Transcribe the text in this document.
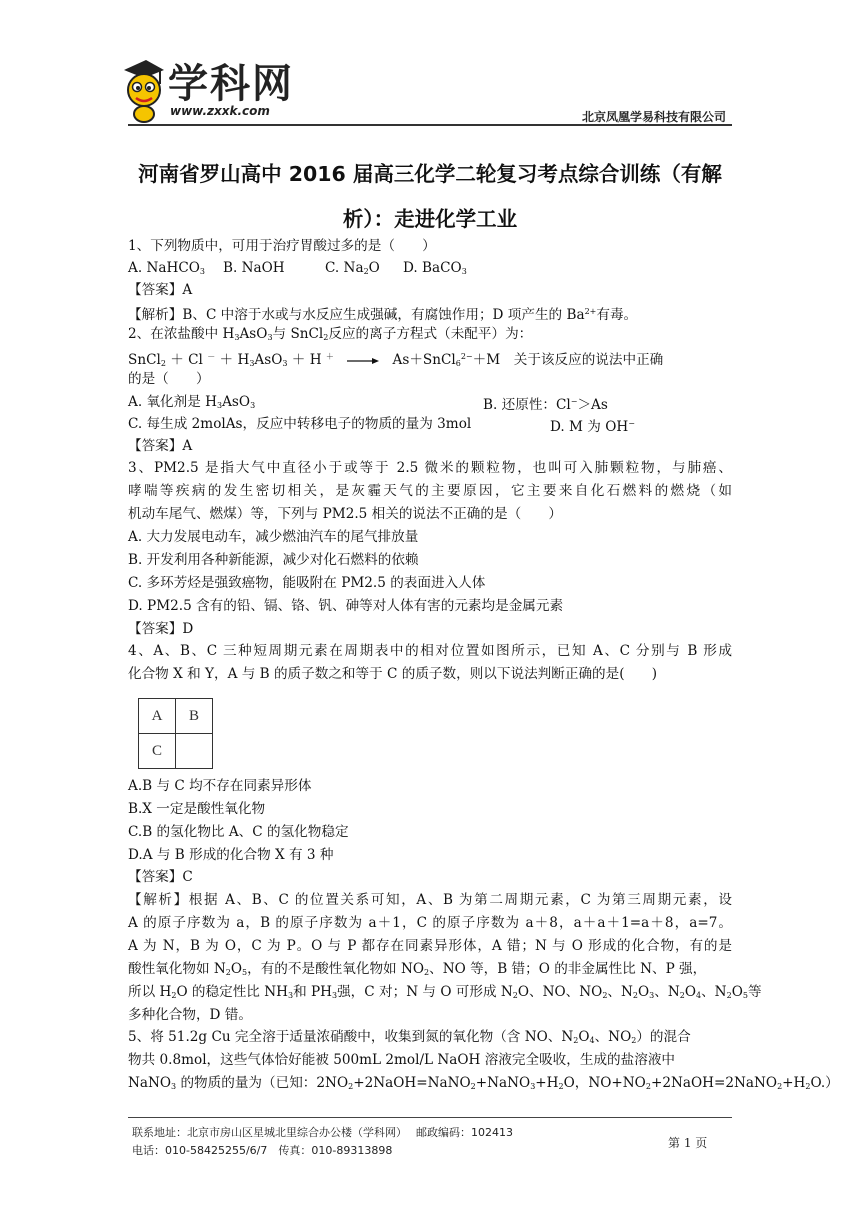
学科网
www.zxxk.com	北京凤凰学易科技有限公司
河南省罗山高中 2016 届高三化学二轮复习考点综合训练（有解
析）：走进化学工业
1、下列物质中，可用于治疗胃酸过多的是（　　）
A. NaHCO$_3$ B. NaOH	C. $Na_2O$ D. BaCO$_3$
【答案】A
【解析】B、C 中溶于水或与水反应生成强碱，有腐蚀作用；D 项产生的 $Ba^{2+}$有毒。
2、在浓盐酸中 $H_3AsO_3$与 SnCl$_2$反应的离子方程式（未配平）为：
SnCl$_2$ ＋ Cl $^- + H_3AsO_3 + H$ ＋ → As＋SnCl$_6^{2-}$＋M　关于该反应的说法中正确
的是（　　）
A. 氧化剂是 $H_3AsO_3$	B. 还原性：Cl−＞As
C. 每生成 2molAs，反应中转移电子的物质的量为 3mol	D. M 为 OH−
【答案】A
3、PM2.5 是指大气中直径小于或等于 2.5 微米的颗粒物，也叫可入肺颗粒物，与肺癌、
哮喘等疾病的发生密切相关，是灰霾天气的主要原因，它主要来自化石燃料的燃烧（如
机动车尾气、燃煤）等，下列与 PM2.5 相关的说法不正确的是（　　）
A. 大力发展电动车，减少燃油汽车的尾气排放量
B. 开发利用各种新能源，减少对化石燃料的依赖
C. 多环芳烃是强致癌物，能吸附在 PM2.5 的表面进入人体
D. PM2.5 含有的铅、镉、铬、钒、砷等对人体有害的元素均是金属元素
【答案】D
4、A、B、C 三种短周期元素在周期表中的相对位置如图所示，已知 A、C 分别与 B 形成
化合物 X 和 Y，A 与 B 的质子数之和等于 C 的质子数，则以下说法判断正确的是(　　)
A	B
C	
A.B 与 C 均不存在同素异形体
B.X 一定是酸性氧化物
C.B 的氢化物比 A、C 的氢化物稳定
D.A 与 B 形成的化合物 X 有 3 种
【答案】C
【解析】根据 A、B、C 的位置关系可知，A、B 为第二周期元素，C 为第三周期元素，设
A 的原子序数为 a，B 的原子序数为 a＋1，C 的原子序数为 a＋8，a＋a＋1=a＋8，a=7。
A 为 N，B 为 O，C 为 P。O 与 P 都存在同素异形体，A 错；N 与 O 形成的化合物，有的是
酸性氧化物如 $N_2O_5$，有的不是酸性氧化物如 $NO_2$、NO 等，B 错；O 的非金属性比 N、P 强，
所以 $H_2O$ 的稳定性比 $NH_3$和 $PH_3$强，C 对；N 与 O 可形成 $N_2O$、NO、$NO_2$、$N_2O_3$、$N_2O_4$、$N_2O_5$等
多种化合物，D 错。
5、将 51.2g Cu 完全溶于适量浓硝酸中，收集到氮的氧化物（含 NO、$N_2O_4$、$NO_2$）的混合
物共 0.8mol，这些气体恰好能被 500mL 2mol/L NaOH 溶液完全吸收，生成的盐溶液中
NaNO$_3$ 的物质的量为（已知：$2NO_2+2NaOH=NaNO_2+NaNO_3+H_2O$，$NO+NO_2+2NaOH=2NaNO_2+H_2O$.）
联系地址：北京市房山区星城北里综合办公楼（学科网）　 邮政编码：102413
电话：010-58425255/6/7　传真：010-89313898
第 1 页
